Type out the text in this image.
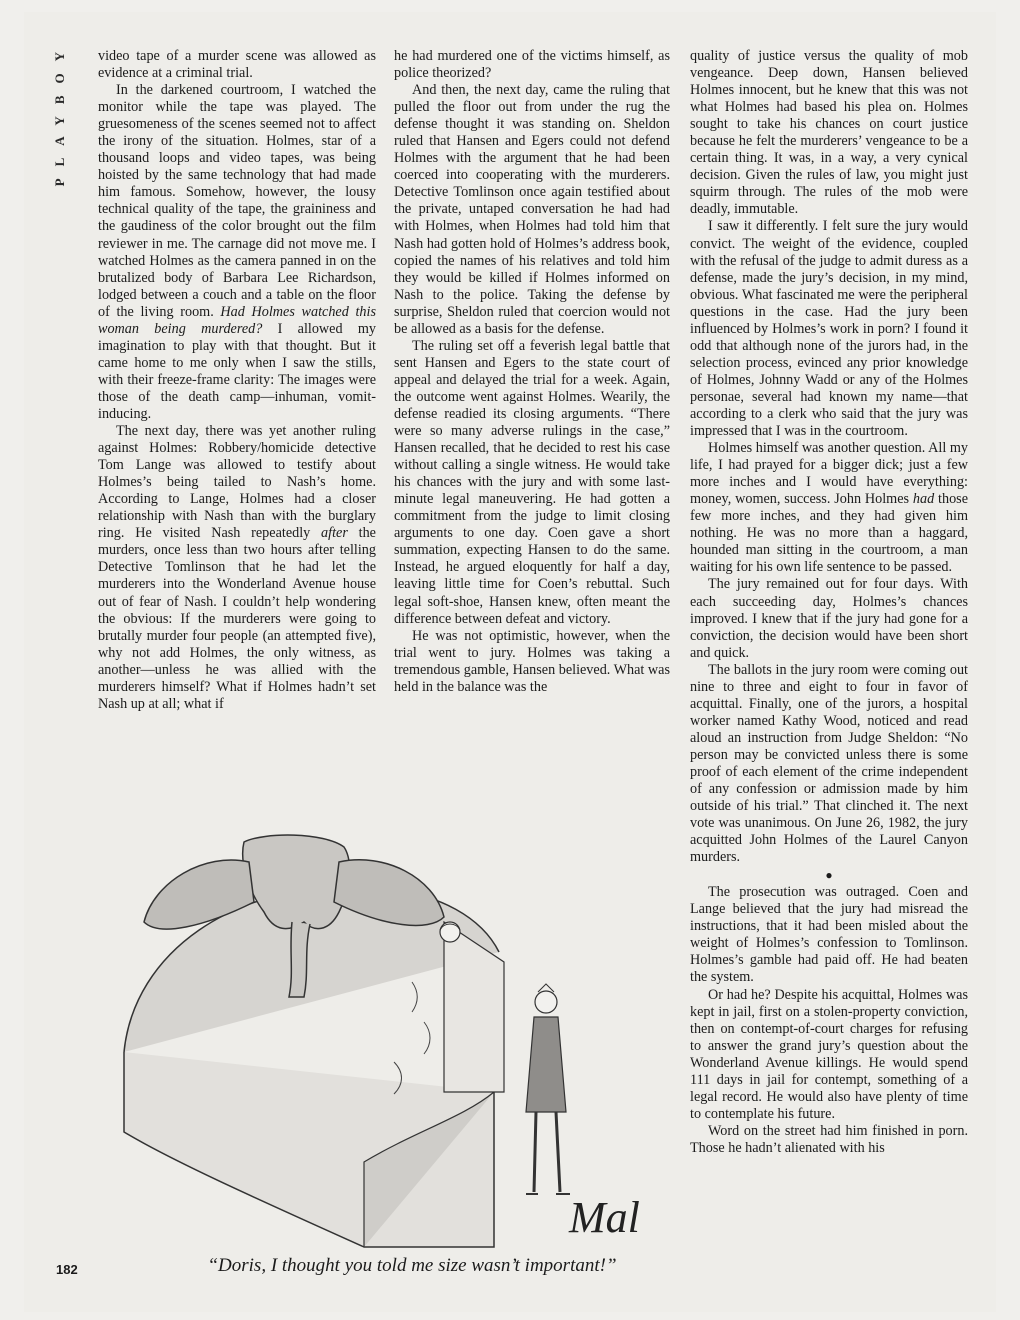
PLAYBOY	video tape of a murder scene was allowed as evidence at a criminal trial.

In the darkened courtroom, I watched the monitor while the tape was played. The gruesomeness of the scenes seemed not to affect the irony of the situation. Holmes, star of a thousand loops and video tapes, was being hoisted by the same technology that had made him famous. Somehow, however, the lousy technical quality of the tape, the graininess and the gaudiness of the color brought out the film reviewer in me. The carnage did not move me. I watched Holmes as the camera panned in on the brutalized body of Barbara Lee Richardson, lodged between a couch and a table on the floor of the living room. Had Holmes watched this woman being murdered? I allowed my imagination to play with that thought. But it came home to me only when I saw the stills, with their freeze-frame clarity: The images were those of the death camp—inhuman, vomit-inducing.

The next day, there was yet another ruling against Holmes: Robbery/homicide detective Tom Lange was allowed to testify about Holmes’s being tailed to Nash’s home. According to Lange, Holmes had a closer relationship with Nash than with the burglary ring. He visited Nash repeatedly after the murders, once less than two hours after telling Detective Tomlinson that he had let the murderers into the Wonderland Avenue house out of fear of Nash. I couldn’t help wondering the obvious: If the murderers were going to brutally murder four people (an attempted five), why not add Holmes, the only witness, as another—unless he was allied with the murderers himself? What if Holmes hadn’t set Nash up at all; what if

he had murdered one of the victims himself, as police theorized?

And then, the next day, came the ruling that pulled the floor out from under the rug the defense thought it was standing on. Sheldon ruled that Hansen and Egers could not defend Holmes with the argument that he had been coerced into cooperating with the murderers. Detective Tomlinson once again testified about the private, untaped conversation he had had with Holmes, when Holmes had told him that Nash had gotten hold of Holmes’s address book, copied the names of his relatives and told him they would be killed if Holmes informed on Nash to the police. Taking the defense by surprise, Sheldon ruled that coercion would not be allowed as a basis for the defense.

The ruling set off a feverish legal battle that sent Hansen and Egers to the state court of appeal and delayed the trial for a week. Again, the outcome went against Holmes. Wearily, the defense readied its closing arguments. “There were so many adverse rulings in the case,” Hansen recalled, that he decided to rest his case without calling a single witness. He would take his chances with the jury and with some last-minute legal maneuvering. He had gotten a commitment from the judge to limit closing arguments to one day. Coen gave a short summation, expecting Hansen to do the same. Instead, he argued eloquently for half a day, leaving little time for Coen’s rebuttal. Such legal soft-shoe, Hansen knew, often meant the difference between defeat and victory.

He was not optimistic, however, when the trial went to jury. Holmes was taking a tremendous gamble, Hansen believed. What was held in the balance was the

quality of justice versus the quality of mob vengeance. Deep down, Hansen believed Holmes innocent, but he knew that this was not what Holmes had based his plea on. Holmes sought to take his chances on court justice because he felt the murderers’ vengeance to be a certain thing. It was, in a way, a very cynical decision. Given the rules of law, you might just squirm through. The rules of the mob were deadly, immutable.

I saw it differently. I felt sure the jury would convict. The weight of the evidence, coupled with the refusal of the judge to admit duress as a defense, made the jury’s decision, in my mind, obvious. What fascinated me were the peripheral questions in the case. Had the jury been influenced by Holmes’s work in porn? I found it odd that although none of the jurors had, in the selection process, evinced any prior knowledge of Holmes, Johnny Wadd or any of the Holmes personae, several had known my name—that according to a clerk who said that the jury was impressed that I was in the courtroom.

Holmes himself was another question. All my life, I had prayed for a bigger dick; just a few more inches and I would have everything: money, women, success. John Holmes had those few more inches, and they had given him nothing. He was no more than a haggard, hounded man sitting in the courtroom, a man waiting for his own life sentence to be passed.

The jury remained out for four days. With each succeeding day, Holmes’s chances improved. I knew that if the jury had gone for a conviction, the decision would have been short and quick.

The ballots in the jury room were coming out nine to three and eight to four in favor of acquittal. Finally, one of the jurors, a hospital worker named Kathy Wood, noticed and read aloud an instruction from Judge Sheldon: “No person may be convicted unless there is some proof of each element of the crime independent of any confession or admission made by him outside of his trial.” That clinched it. The next vote was unanimous. On June 26, 1982, the jury acquitted John Holmes of the Laurel Canyon murders.

●

The prosecution was outraged. Coen and Lange believed that the jury had misread the instructions, that it had been misled about the weight of Holmes’s confession to Tomlinson. Holmes’s gamble had paid off. He had beaten the system.

Or had he? Despite his acquittal, Holmes was kept in jail, first on a stolen-property conviction, then on contempt-of-court charges for refusing to answer the grand jury’s question about the Wonderland Avenue killings. He would spend 111 days in jail for contempt, something of a legal record. He would also have plenty of time to contemplate his future.

Word on the street had him finished in porn. Those he hadn’t alienated with his

Mal
“Doris, I thought you told me size wasn’t important!”
182
